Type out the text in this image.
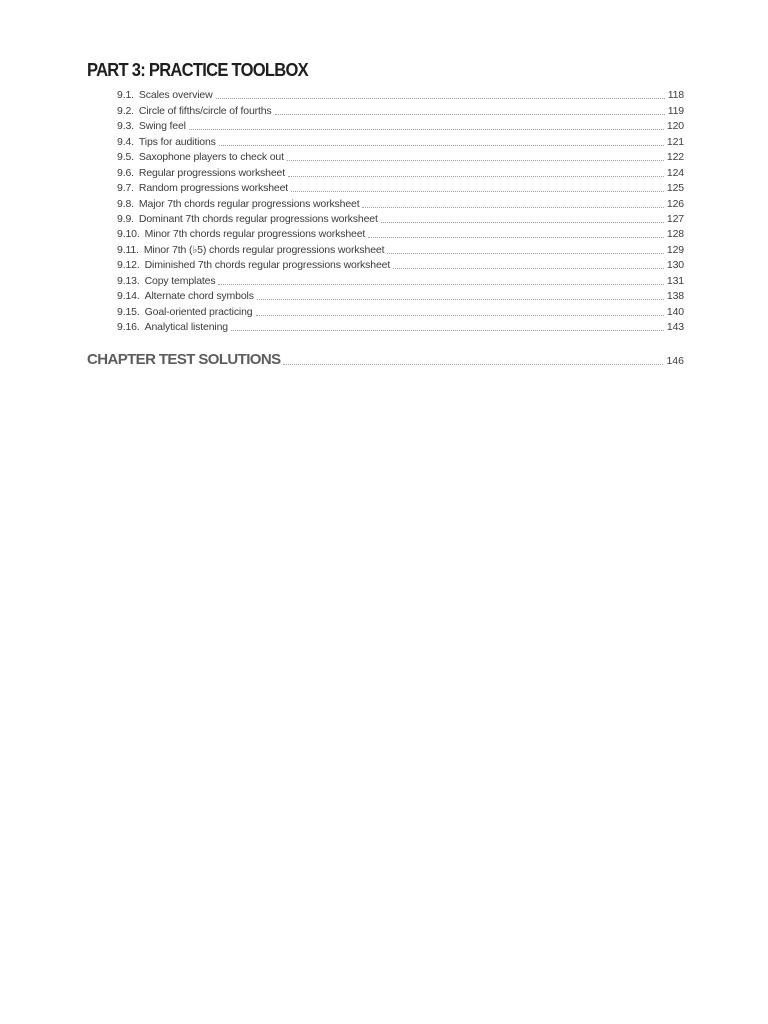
PART 3: PRACTICE TOOLBOX
9.1. Scales overview	118
9.2. Circle of fifths/circle of fourths	119
9.3. Swing feel	120
9.4. Tips for auditions	121
9.5. Saxophone players to check out	122
9.6. Regular progressions worksheet	124
9.7. Random progressions worksheet	125
9.8. Major 7th chords regular progressions worksheet	126
9.9. Dominant 7th chords regular progressions worksheet	127
9.10. Minor 7th chords regular progressions worksheet	128
9.11. Minor 7th (♭5) chords regular progressions worksheet	129
9.12. Diminished 7th chords regular progressions worksheet	130
9.13. Copy templates	131
9.14. Alternate chord symbols	138
9.15. Goal-oriented practicing	140
9.16. Analytical listening	143
CHAPTER TEST SOLUTIONS	146
